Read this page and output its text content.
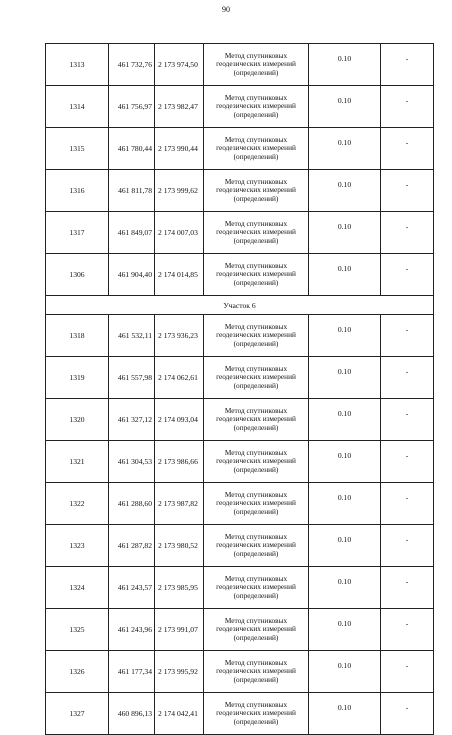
90
1313	461 732,76	2 173 974,50	Метод спутниковых геодезических измерений (определений)	0.10	-
1314	461 756,97	2 173 982,47	Метод спутниковых геодезических измерений (определений)	0.10	-
1315	461 780,44	2 173 990,44	Метод спутниковых геодезических измерений (определений)	0.10	-
1316	461 811,78	2 173 999,62	Метод спутниковых геодезических измерений (определений)	0.10	-
1317	461 849,07	2 174 007,03	Метод спутниковых геодезических измерений (определений)	0.10	-
1306	461 904,40	2 174 014,85	Метод спутниковых геодезических измерений (определений)	0.10	-
Участок 6					
1318	461 532,11	2 173 936,23	Метод спутниковых геодезических измерений (определений)	0.10	-
1319	461 557,98	2 174 062,61	Метод спутниковых геодезических измерений (определений)	0.10	-
1320	461 327,12	2 174 093,04	Метод спутниковых геодезических измерений (определений)	0.10	-
1321	461 304,53	2 173 986,66	Метод спутниковых геодезических измерений (определений)	0.10	-
1322	461 288,60	2 173 987,82	Метод спутниковых геодезических измерений (определений)	0.10	-
1323	461 287,82	2 173 980,52	Метод спутниковых геодезических измерений (определений)	0.10	-
1324	461 243,57	2 173 985,95	Метод спутниковых геодезических измерений (определений)	0.10	-
1325	461 243,96	2 173 991,07	Метод спутниковых геодезических измерений (определений)	0.10	-
1326	461 177,34	2 173 995,92	Метод спутниковых геодезических измерений (определений)	0.10	-
1327	460 896,13	2 174 042,41	Метод спутниковых геодезических измерений (определений)	0.10	-
